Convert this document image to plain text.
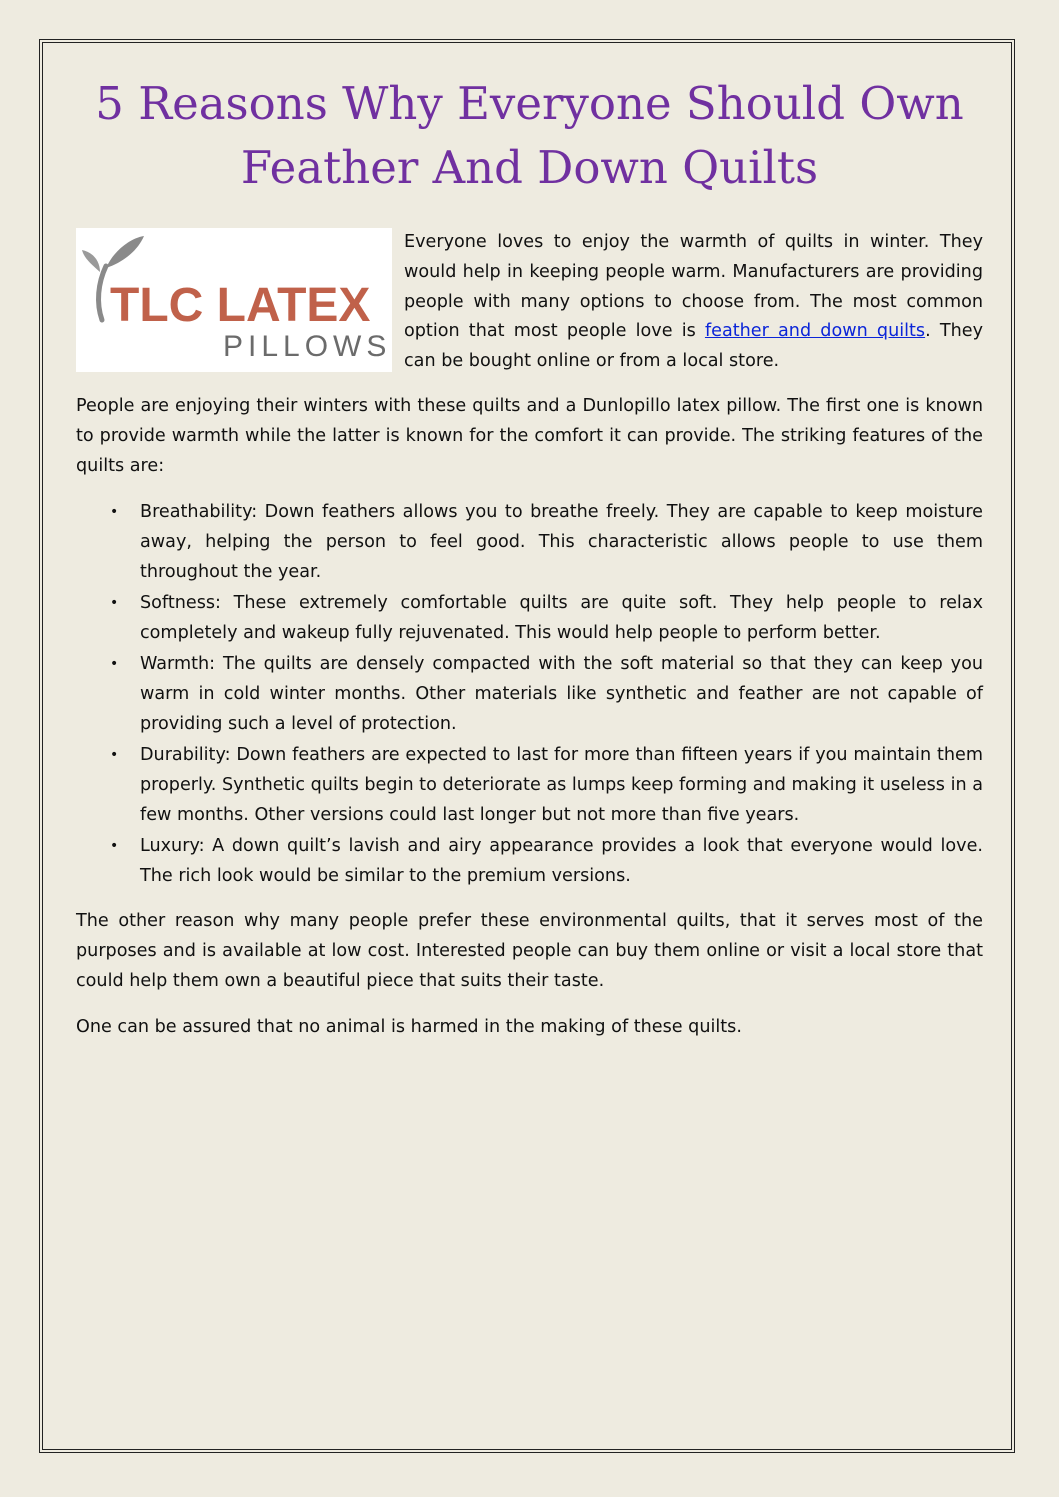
5 Reasons Why Everyone Should Own Feather And Down Quilts
TLC LATEX
PILLOWS

Everyone loves to enjoy the warmth of quilts in winter. They would help in keeping people warm. Manufacturers are providing people with many options to choose from. The most common option that most people love is feather and down quilts. They can be bought online or from a local store.

People are enjoying their winters with these quilts and a Dunlopillo latex pillow. The first one is known to provide warmth while the latter is known for the comfort it can provide. The striking features of the quilts are:

• Breathability: Down feathers allows you to breathe freely. They are capable to keep moisture away, helping the person to feel good. This characteristic allows people to use them throughout the year.
• Softness: These extremely comfortable quilts are quite soft. They help people to relax completely and wakeup fully rejuvenated. This would help people to perform better.
• Warmth: The quilts are densely compacted with the soft material so that they can keep you warm in cold winter months. Other materials like synthetic and feather are not capable of providing such a level of protection.
• Durability: Down feathers are expected to last for more than fifteen years if you maintain them properly. Synthetic quilts begin to deteriorate as lumps keep forming and making it useless in a few months. Other versions could last longer but not more than five years.
• Luxury: A down quilt’s lavish and airy appearance provides a look that everyone would love. The rich look would be similar to the premium versions.

The other reason why many people prefer these environmental quilts, that it serves most of the purposes and is available at low cost. Interested people can buy them online or visit a local store that could help them own a beautiful piece that suits their taste.

One can be assured that no animal is harmed in the making of these quilts.
